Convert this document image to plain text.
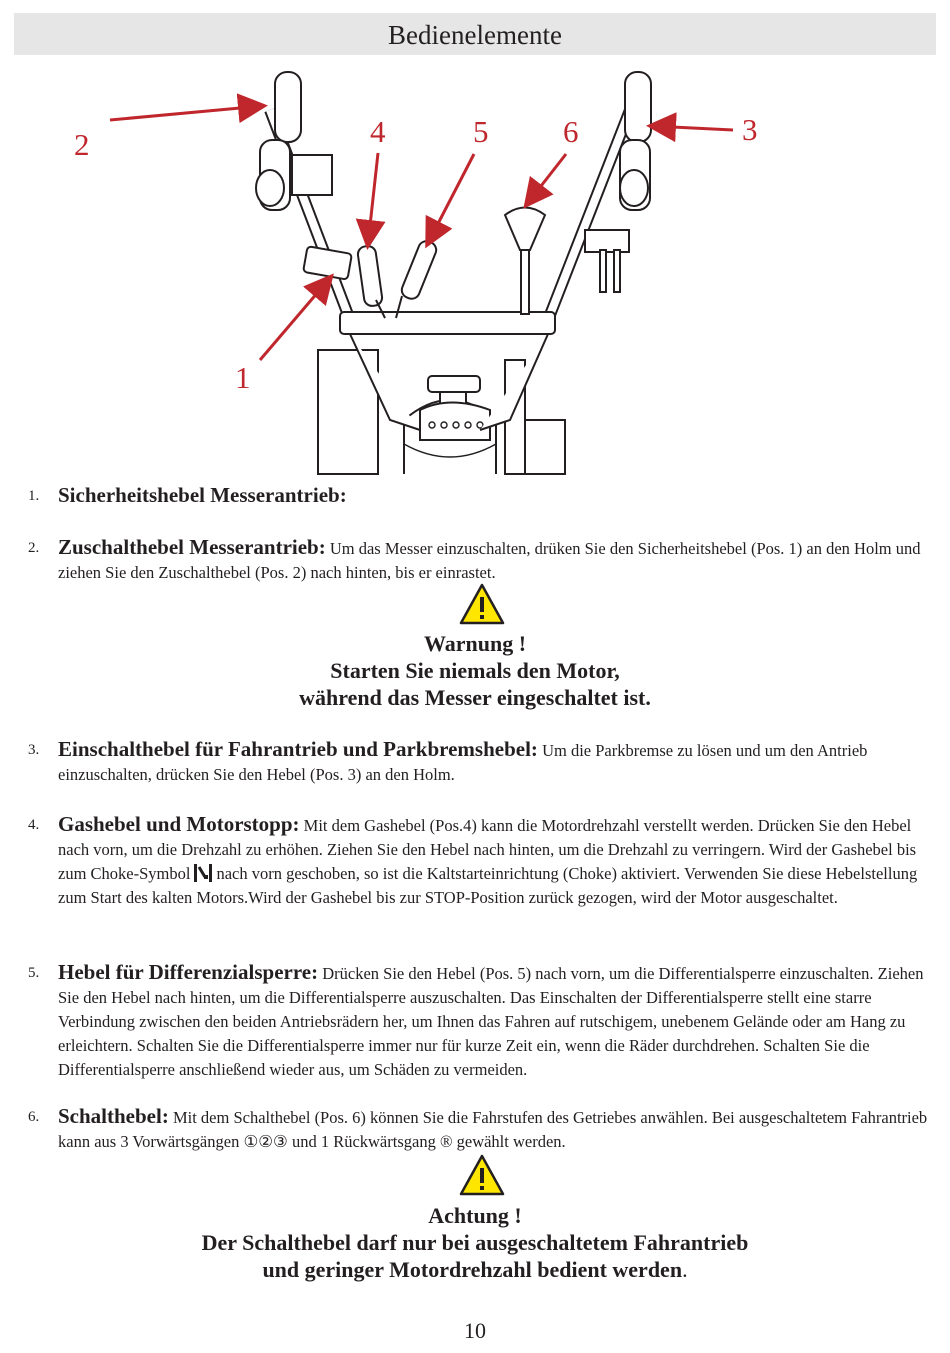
Bedienelemente
1
2	3
4	5 6
1. Sicherheitshebel Messerantrieb:
2. Zuschalthebel Messerantrieb: Um das Messer einzuschalten, drüken Sie den Sicherheitshebel (Pos. 1) an den Holm und ziehen Sie den Zuschalthebel (Pos. 2) nach hinten, bis er einrastet.
Warnung !
Starten Sie niemals den Motor,
während das Messer eingeschaltet ist.
3. Einschalthebel für Fahrantrieb und Parkbremshebel: Um die Parkbremse zu lösen und um den Antrieb einzuschalten, drücken Sie den Hebel (Pos. 3) an den Holm.
4. Gashebel und Motorstopp: Mit dem Gashebel (Pos.4) kann die Motordrehzahl verstellt werden. Drücken Sie den Hebel nach vorn, um die Drehzahl zu erhöhen. Ziehen Sie den Hebel nach hinten, um die Drehzahl zu verringern. Wird der Gashebel bis zum Choke-Symbol nach vorn geschoben, so ist die Kaltstarteinrichtung (Choke) aktiviert. Verwenden Sie diese Hebelstellung zum Start des kalten Motors.Wird der Gashebel bis zur STOP-Position zurück gezogen, wird der Motor ausgeschaltet.
5. Hebel für Differenzialsperre: Drücken Sie den Hebel (Pos. 5) nach vorn, um die Differentialsperre einzuschalten. Ziehen Sie den Hebel nach hinten, um die Differentialsperre auszuschalten. Das Einschalten der Differentialsperre stellt eine starre Verbindung zwischen den beiden Antriebsrädern her, um Ihnen das Fahren auf rutschigem, unebenem Gelände oder am Hang zu erleichtern. Schalten Sie die Differentialsperre immer nur für kurze Zeit ein, wenn die Räder durchdrehen. Schalten Sie die Differentialsperre anschließend wieder aus, um Schäden zu vermeiden.
6. Schalthebel: Mit dem Schalthebel (Pos. 6) können Sie die Fahrstufen des Getriebes anwählen. Bei ausgeschaltetem Fahrantrieb kann aus 3 Vorwärtsgängen ①②③ und 1 Rückwärtsgang ® gewählt werden.
Achtung !
Der Schalthebel darf nur bei ausgeschaltetem Fahrantrieb
und geringer Motordrehzahl bedient werden.
10
